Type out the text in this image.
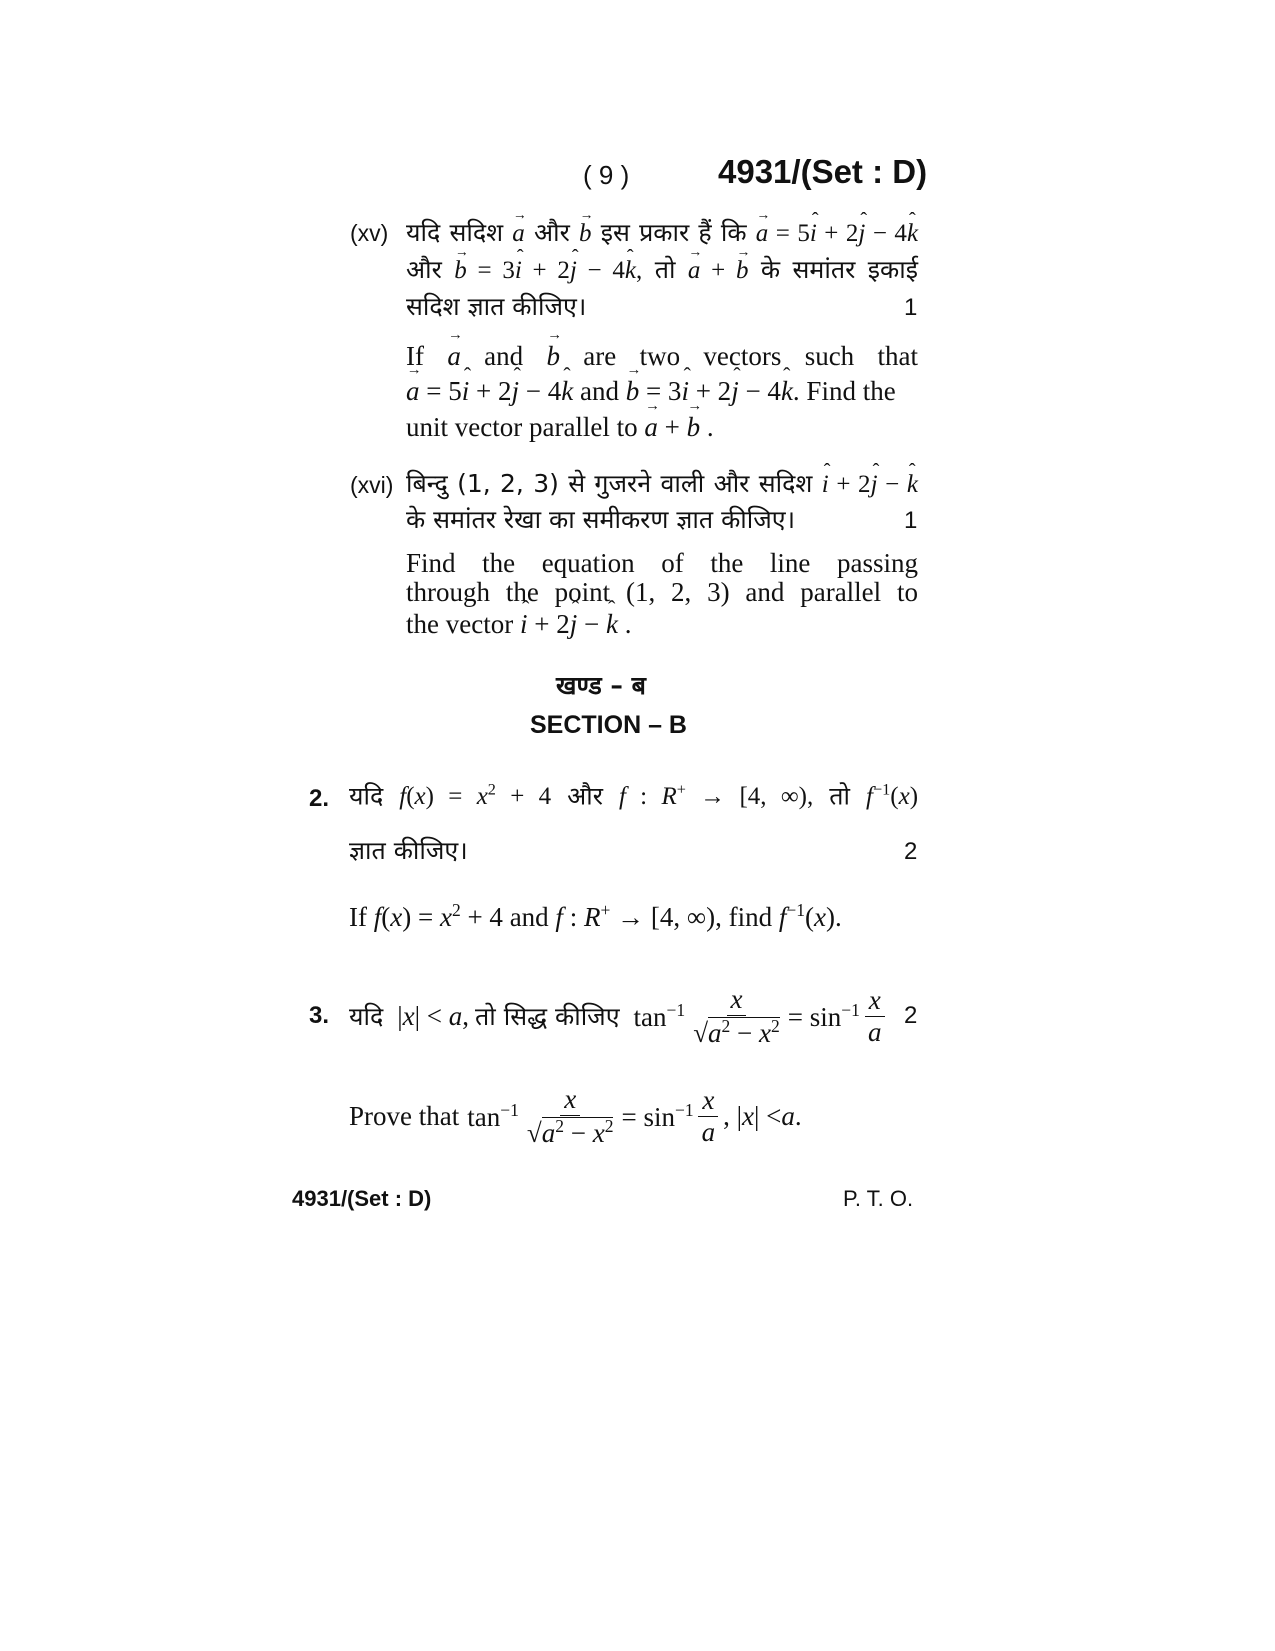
( 9 )	4931/(Set : D)
(xv) यदि सदिश → a और → b इस प्रकार हैं कि → a = 5ˆ i + 2ˆ j − 4ˆ k
और → b = 3ˆ i + 2ˆ j − 4ˆ k, तो → a + → b के समांतर इकाई
सदिश ज्ञात कीजिए।	1
If → a and → b are two vectors such that
→ a = 5ˆ i + 2ˆ j − 4ˆ k and → b = 3ˆ i + 2ˆ j − 4ˆ k. Find the
unit vector parallel to → a + → b .
(xvi) बिन्दु (1, 2, 3) से गुजरने वाली और सदिश ˆ i + 2ˆ j − ˆ k
के समांतर रेखा का समीकरण ज्ञात कीजिए।	1
Find the equation of the line passing
through the point (1, 2, 3) and parallel to
the vector ˆ i + 2ˆ j − ˆ k .
खण्ड – ब
SECTION – B
2. यदि $f(x) = x^2 + 4$ और f : R+ → [4, ∞), तो $f^{-1}(x)$
ज्ञात कीजिए।	2
If $f(x) = x^2 + 4$ and f : R+ → [4, ∞), find $f^{-1}(x)$.
3. यदि |x| < a, तो सिद्ध कीजिए $\tan^{-1} \frac{x}{√a^2 - x^2} = \sin^{-1} \frac{x}{a} 2$
Prove that $\tan^{-1} \frac{x}{√a^2 - x^2} = \sin^{-1} \frac{x}{a}$ , | x | < a .
4931/(Set : D)	P. T. O.
